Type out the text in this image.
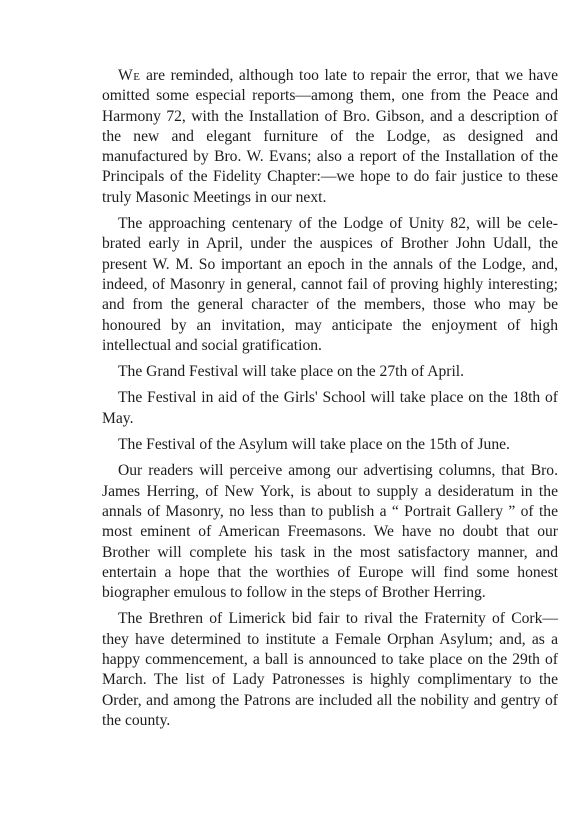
We are reminded, although too late to repair the error, that we have omitted some especial reports—among them, one from the Peace and Harmony 72, with the Installation of Bro. Gibson, and a description of the new and elegant furniture of the Lodge, as designed and manufactured by Bro. W. Evans; also a report of the Installation of the Principals of the Fidelity Chapter:—we hope to do fair justice to these truly Masonic Meetings in our next.

The approaching centenary of the Lodge of Unity 82, will be celebrated early in April, under the auspices of Brother John Udall, the present W. M. So important an epoch in the annals of the Lodge, and, indeed, of Masonry in general, cannot fail of proving highly interesting; and from the general character of the members, those who may be honoured by an invitation, may anticipate the enjoyment of high intellectual and social gratification.

The Grand Festival will take place on the 27th of April.

The Festival in aid of the Girls' School will take place on the 18th of May.

The Festival of the Asylum will take place on the 15th of June.

Our readers will perceive among our advertising columns, that Bro. James Herring, of New York, is about to supply a desideratum in the annals of Masonry, no less than to publish a “ Portrait Gallery ” of the most eminent of American Freemasons. We have no doubt that our Brother will complete his task in the most satisfactory manner, and entertain a hope that the worthies of Europe will find some honest biographer emulous to follow in the steps of Brother Herring.

The Brethren of Limerick bid fair to rival the Fraternity of Cork—they have determined to institute a Female Orphan Asylum; and, as a happy commencement, a ball is announced to take place on the 29th of March. The list of Lady Patronesses is highly complimentary to the Order, and among the Patrons are included all the nobility and gentry of the county.
